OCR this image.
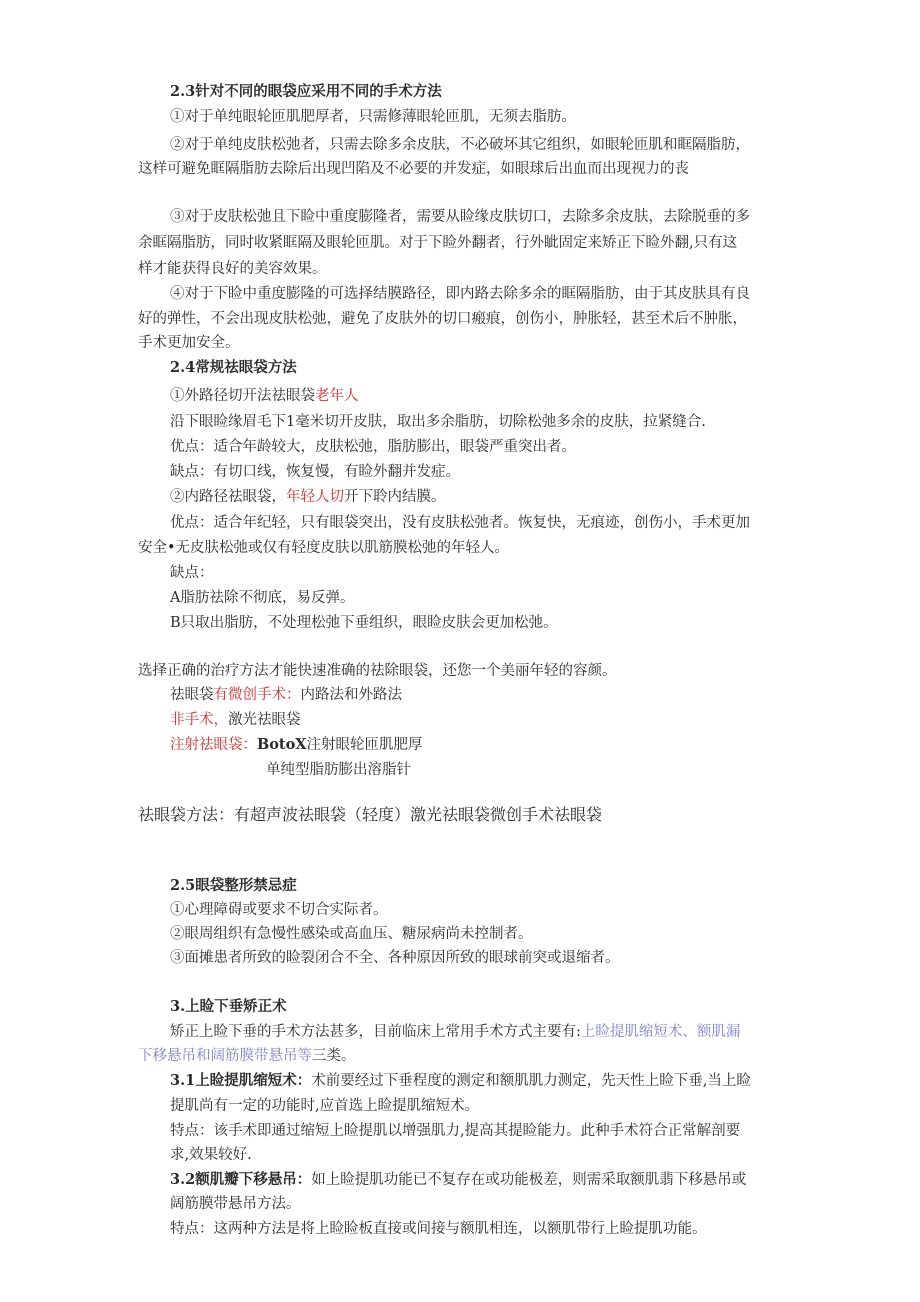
2.3针对不同的眼袋应采用不同的手术方法
①对于单纯眼轮匝肌肥厚者，只需修薄眼轮匝肌，无须去脂肪。
②对于单纯皮肤松弛者，只需去除多余皮肤，不必破坏其它组织，如眼轮匝肌和眶隔脂肪，
这样可避免眶隔脂肪去除后出现凹陷及不必要的并发症，如眼球后出血而出现视力的丧
③对于皮肤松弛且下睑中重度膨隆者，需要从睑缘皮肤切口，去除多余皮肤，去除脱垂的多
余眶隔脂肪，同时收紧眶隔及眼轮匝肌。对于下睑外翻者，行外眦固定来矫正下睑外翻,只有这
样才能获得良好的美容效果。
④对于下睑中重度膨隆的可选择结膜路径，即内路去除多余的眶隔脂肪，由于其皮肤具有良
好的弹性，不会出现皮肤松弛，避免了皮肤外的切口瘢痕，创伤小，肿胀轻，甚至术后不肿胀，
手术更加安全。
2.4常规祛眼袋方法
①外路径切开法祛眼袋老年人
沿下眼睑缘眉毛下1毫米切开皮肤，取出多余脂肪，切除松弛多余的皮肤，拉紧缝合.
优点：适合年龄较大，皮肤松弛，脂肪膨出，眼袋严重突出者。
缺点：有切口线，恢复慢，有睑外翻并发症。
②内路径祛眼袋，年轻人切开下聆内结膜。
优点：适合年纪轻，只有眼袋突出，没有皮肤松弛者。恢复快，无痕迹，创伤小，手术更加
安全•无皮肤松弛或仅有轻度皮肤以肌筋膜松弛的年轻人。
缺点：
A脂肪祛除不彻底，易反弹。
B只取出脂肪，不处理松弛下垂组织，眼睑皮肤会更加松弛。
选择正确的治疗方法才能快速准确的祛除眼袋，还您一个美丽年轻的容颜。
祛眼袋有微创手术：内路法和外路法
非手术，激光祛眼袋
注射祛眼袋：BotoX注射眼轮匝肌肥厚
单纯型脂肪膨出溶脂针
祛眼袋方法：有超声波祛眼袋（轻度）激光祛眼袋微创手术祛眼袋
2.5眼袋整形禁忌症
①心理障碍或要求不切合实际者。
②眼周组织有急慢性感染或高血压、糖尿病尚未控制者。
③面摊患者所致的睑裂闭合不全、各种原因所致的眼球前突或退缩者。
3.上睑下垂矫正术
矫正上睑下垂的手术方法甚多，目前临床上常用手术方式主要有:上睑提肌缩短术、额肌漏
下移悬吊和阔筋膜带悬吊等三类。
3.1上睑提肌缩短术：术前要经过下垂程度的测定和额肌肌力测定，先天性上睑下垂,当上睑
提肌尚有一定的功能时,应首选上睑提肌缩短术。
特点：该手术即通过缩短上睑提肌以增强肌力,提高其提睑能力。此种手术符合正常解剖要
求,效果较好.
3.2额肌瓣下移悬吊：如上睑提肌功能已不复存在或功能极差，则需采取额肌翡下移悬吊或
阔筋膜带悬吊方法。
特点：这两种方法是将上睑睑板直接或间接与额肌相连，以额肌带行上睑提肌功能。
